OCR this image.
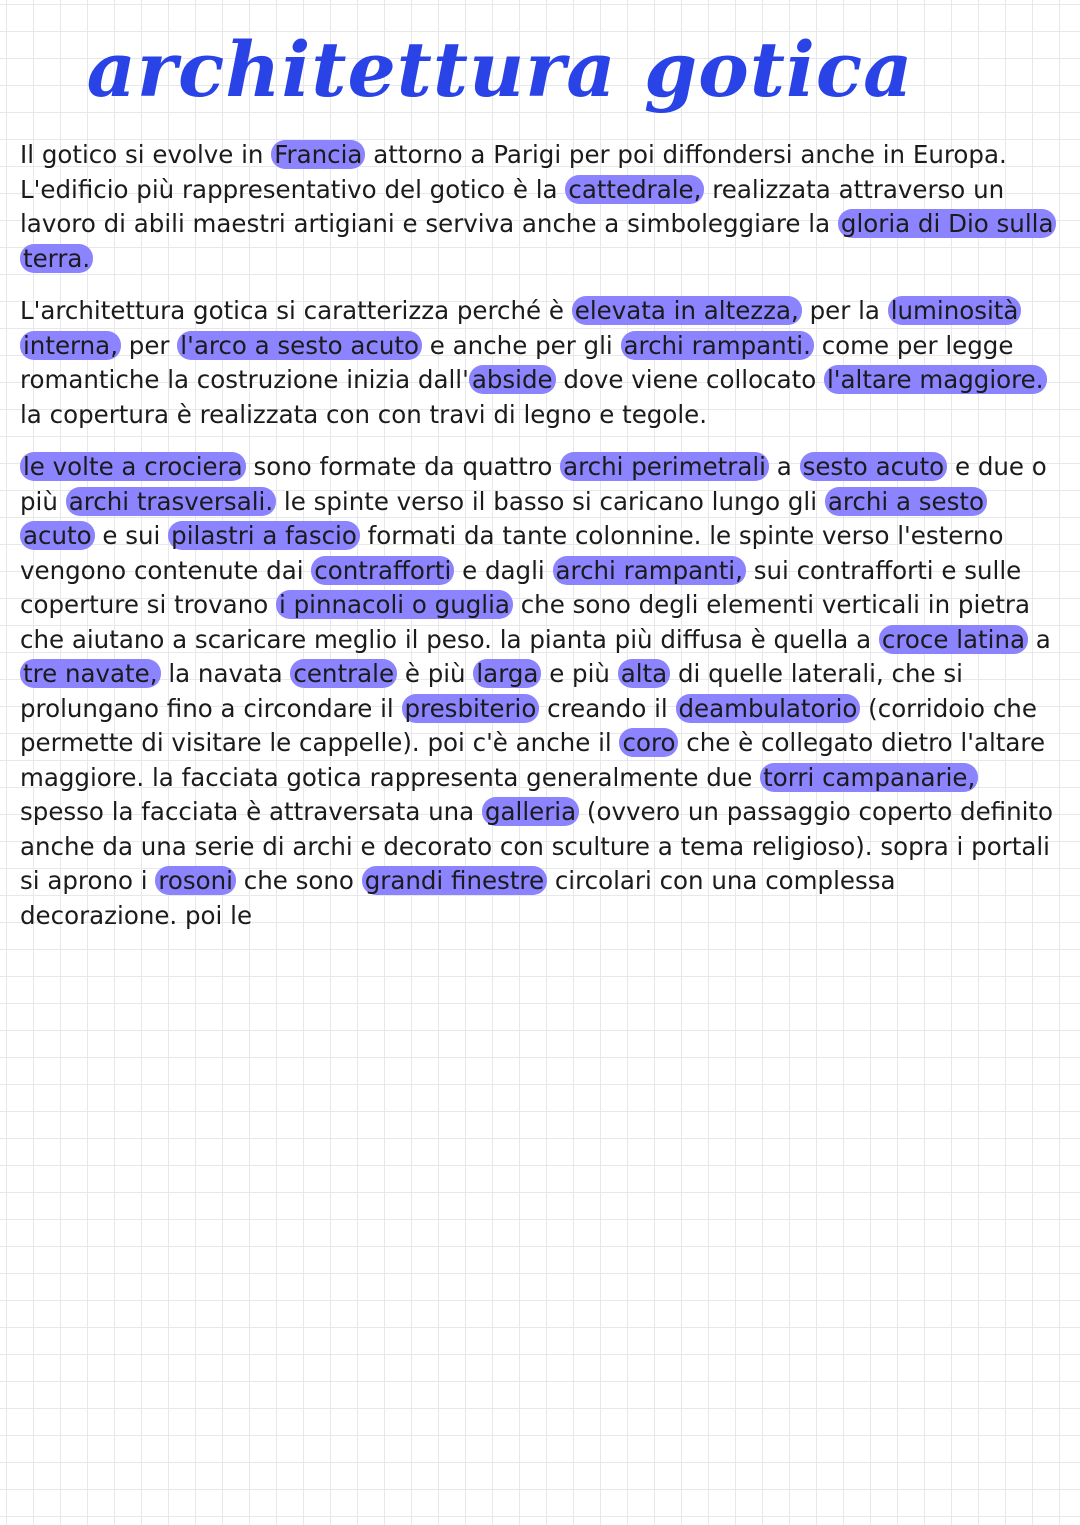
architettura gotica

Il gotico si evolve in Francia attorno a Parigi per poi diffondersi anche in Europa. L'edificio più rappresentativo del gotico è la cattedrale, realizzata attraverso un lavoro di abili maestri artigiani e serviva anche a simboleggiare la gloria di Dio sulla terra.

L'architettura gotica si caratterizza perché è elevata in altezza, per la luminosità interna, per l'arco a sesto acuto e anche per gli archi rampanti. come per legge romantiche la costruzione inizia dall' abside dove viene collocato l'altare maggiore. la copertura è realizzata con con travi di legno e tegole.

le volte a crociera sono formate da quattro archi perimetrali a sesto acuto e due o più archi trasversali. le spinte verso il basso si caricano lungo gli archi a sesto acuto e sui pilastri a fascio formati da tante colonnine. le spinte verso l'esterno vengono contenute dai contrafforti e dagli archi rampanti, sui contrafforti e sulle coperture si trovano i pinnacoli o guglia che sono degli elementi verticali in pietra che aiutano a scaricare meglio il peso. la pianta più diffusa è quella a croce latina a tre navate, la navata centrale è più larga e più alta di quelle laterali, che si prolungano fino a circondare il presbiterio creando il deambulatorio (corridoio che permette di visitare le cappelle). poi c'è anche il coro che è collegato dietro l'altare maggiore. la facciata gotica rappresenta generalmente due torri campanarie, spesso la facciata è attraversata una galleria (ovvero un passaggio coperto definito anche da una serie di archi e decorato con sculture a tema religioso). sopra i portali si aprono i rosoni che sono grandi finestre circolari con una complessa decorazione. poi le
